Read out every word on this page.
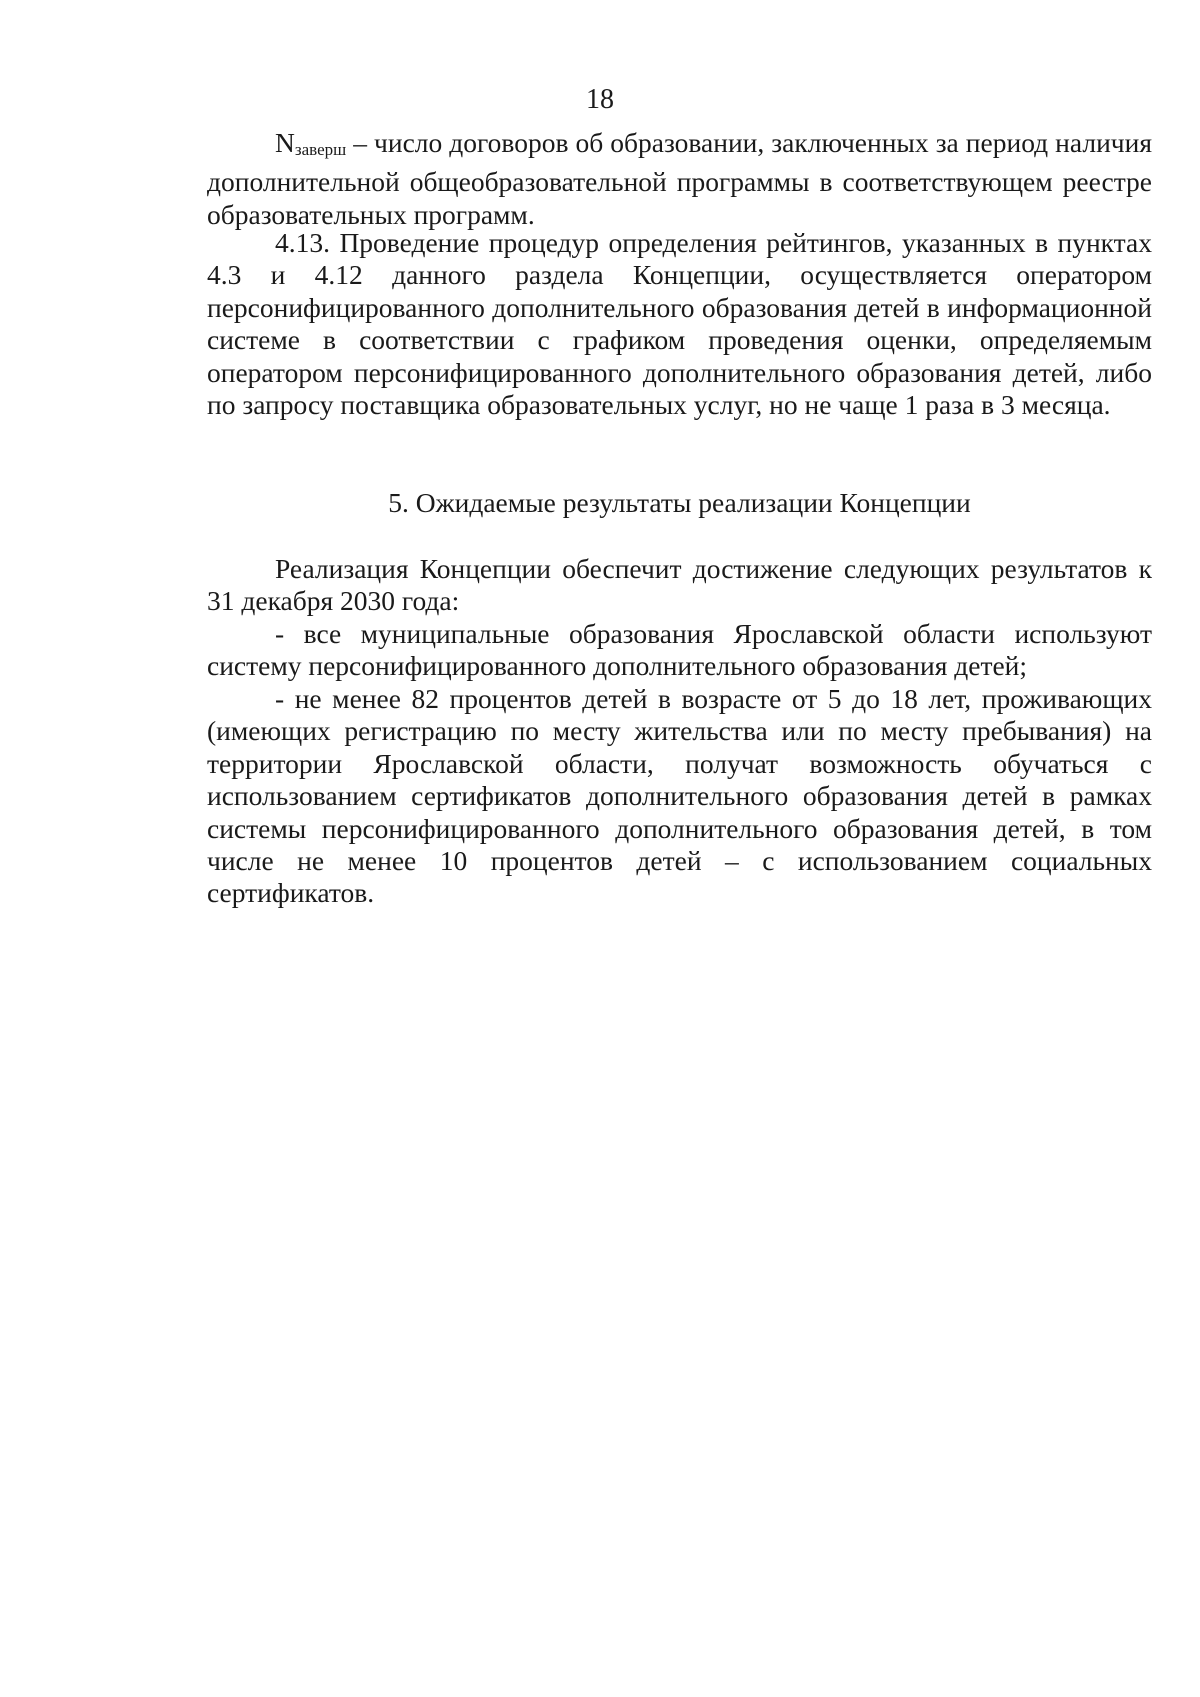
18

Nзаверш – число договоров об образовании, заключенных за период наличия дополнительной общеобразовательной программы в соответствующем реестре образовательных программ.

4.13. Проведение процедур определения рейтингов, указанных в пунктах 4.3 и 4.12 данного раздела Концепции, осуществляется оператором персонифицированного дополнительного образования детей в информационной системе в соответствии с графиком проведения оценки, определяемым оператором персонифицированного дополнительного образования детей, либо по запросу поставщика образовательных услуг, но не чаще 1 раза в 3 месяца.

5. Ожидаемые результаты реализации Концепции

Реализация Концепции обеспечит достижение следующих результатов к 31 декабря 2030 года:

- все муниципальные образования Ярославской области используют систему персонифицированного дополнительного образования детей;

- не менее 82 процентов детей в возрасте от 5 до 18 лет, проживающих (имеющих регистрацию по месту жительства или по месту пребывания) на территории Ярославской области, получат возможность обучаться с использованием сертификатов дополнительного образования детей в рамках системы персонифицированного дополнительного образования детей, в том числе не менее 10 процентов детей – с использованием социальных сертификатов.
